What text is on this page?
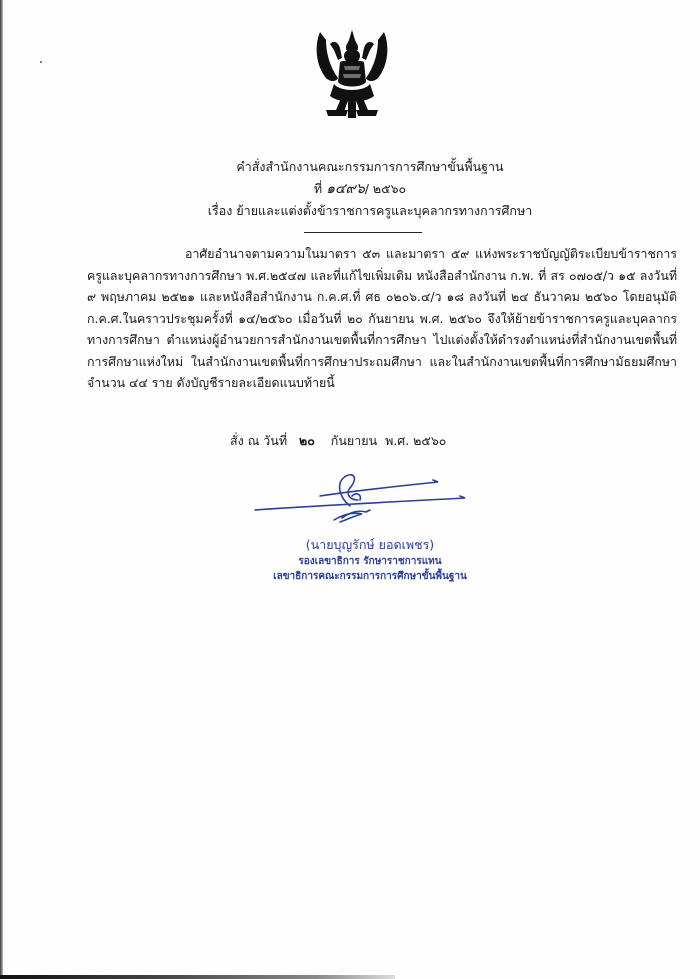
คำสั่งสำนักงานคณะกรรมการการศึกษาขั้นพื้นฐาน
ที่ ๑๔๙๖/ ๒๕๖๐
เรื่อง ย้ายและแต่งตั้งข้าราชการครูและบุคลากรทางการศึกษา

อาศัยอำนาจตามความในมาตรา ๕๓ และมาตรา ๕๙ แห่งพระราชบัญญัติระเบียบข้าราชการครูและบุคลากรทางการศึกษา พ.ศ.๒๕๔๗ และที่แก้ไขเพิ่มเติม หนังสือสำนักงาน ก.พ. ที่ สร ๐๗๐๕/ว ๑๕ ลงวันที่ ๙ พฤษภาคม ๒๕๒๑ และหนังสือสำนักงาน ก.ค.ศ.ที่ ศธ ๐๒๐๖.๔/ว ๑๘ ลงวันที่ ๒๔ ธันวาคม ๒๕๖๐ โดยอนุมัติ ก.ค.ศ.ในคราวประชุมครั้งที่ ๑๔/๒๕๖๐ เมื่อวันที่ ๒๐ กันยายน พ.ศ. ๒๕๖๐ จึงให้ย้ายข้าราชการครูและบุคลากรทางการศึกษา ตำแหน่งผู้อำนวยการสำนักงานเขตพื้นที่การศึกษา ไปแต่งตั้งให้ดำรงตำแหน่งที่สำนักงานเขตพื้นที่การศึกษาแห่งใหม่ ในสำนักงานเขตพื้นที่การศึกษาประถมศึกษา และในสำนักงานเขตพื้นที่การศึกษามัธยมศึกษา จำนวน ๔๔ ราย ดังบัญชีรายละเอียดแนบท้ายนี้

สั่ง ณ วันที่ ๒๐ กันยายน  พ.ศ. ๒๕๖๐
(นายบุญรักษ์ ยอดเพชร)
รองเลขาธิการ รักษาราชการแทน
เลขาธิการคณะกรรมการการศึกษาขั้นพื้นฐาน
